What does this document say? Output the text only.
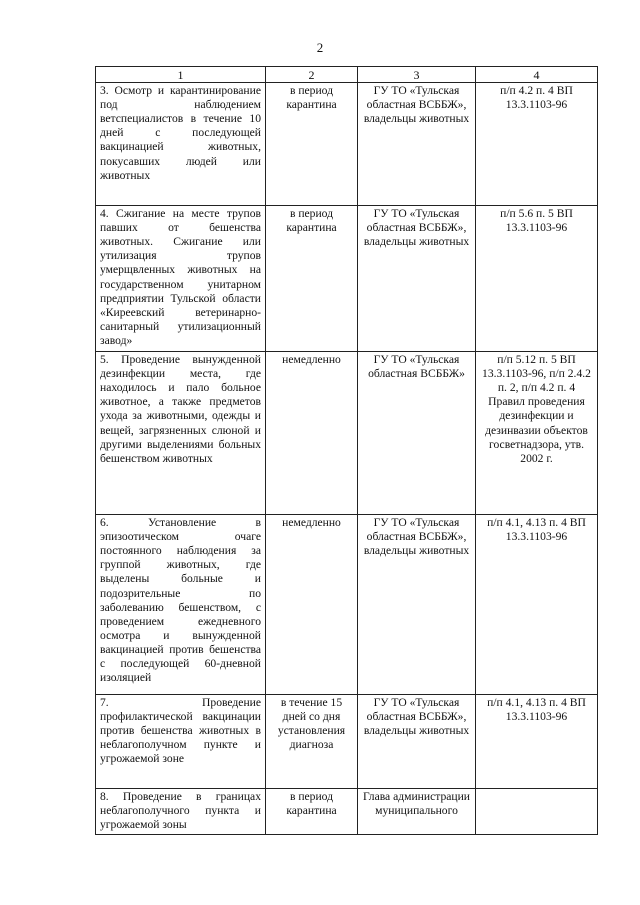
2
1	2	3	4
3. Осмотр и карантинирование под наблюдением ветспециалистов в течение 10 дней с последующей вакцинацией животных, покусавших людей или животных	в период карантина	ГУ ТО «Тульская областная ВСББЖ», владельцы животных	п/п 4.2 п. 4 ВП 13.3.1103-96
4. Сжигание на месте трупов павших от бешенства животных. Сжигание или утилизация трупов умерщвленных животных на государственном унитарном предприятии Тульской области «Киреевский ветеринарно-санитарный утилизационный завод»	в период карантина	ГУ ТО «Тульская областная ВСББЖ», владельцы животных	п/п 5.6 п. 5 ВП 13.3.1103-96
5. Проведение вынужденной дезинфекции места, где находилось и пало больное животное, а также предметов ухода за животными, одежды и вещей, загрязненных слюной и другими выделениями больных бешенством животных	немедленно	ГУ ТО «Тульская областная ВСББЖ»	п/п 5.12 п. 5 ВП 13.3.1103-96, п/п 2.4.2 п. 2, п/п 4.2 п. 4 Правил проведения дезинфекции и дезинвазии объектов госветнадзора, утв. 2002 г.
6. Установление в эпизоотическом очаге постоянного наблюдения за группой животных, где выделены больные и подозрительные по заболеванию бешенством, с проведением ежедневного осмотра и вынужденной вакцинацией против бешенства с последующей 60-дневной изоляцией	немедленно	ГУ ТО «Тульская областная ВСББЖ», владельцы животных	п/п 4.1, 4.13 п. 4 ВП 13.3.1103-96
7. Проведение профилактической вакцинации против бешенства животных в неблагополучном пункте и угрожаемой зоне	в течение 15 дней со дня установления диагноза	ГУ ТО «Тульская областная ВСББЖ», владельцы животных	п/п 4.1, 4.13 п. 4 ВП 13.3.1103-96
8. Проведение в границах неблагополучного пункта и угрожаемой зоны	в период карантина	Глава администрации муниципального	
